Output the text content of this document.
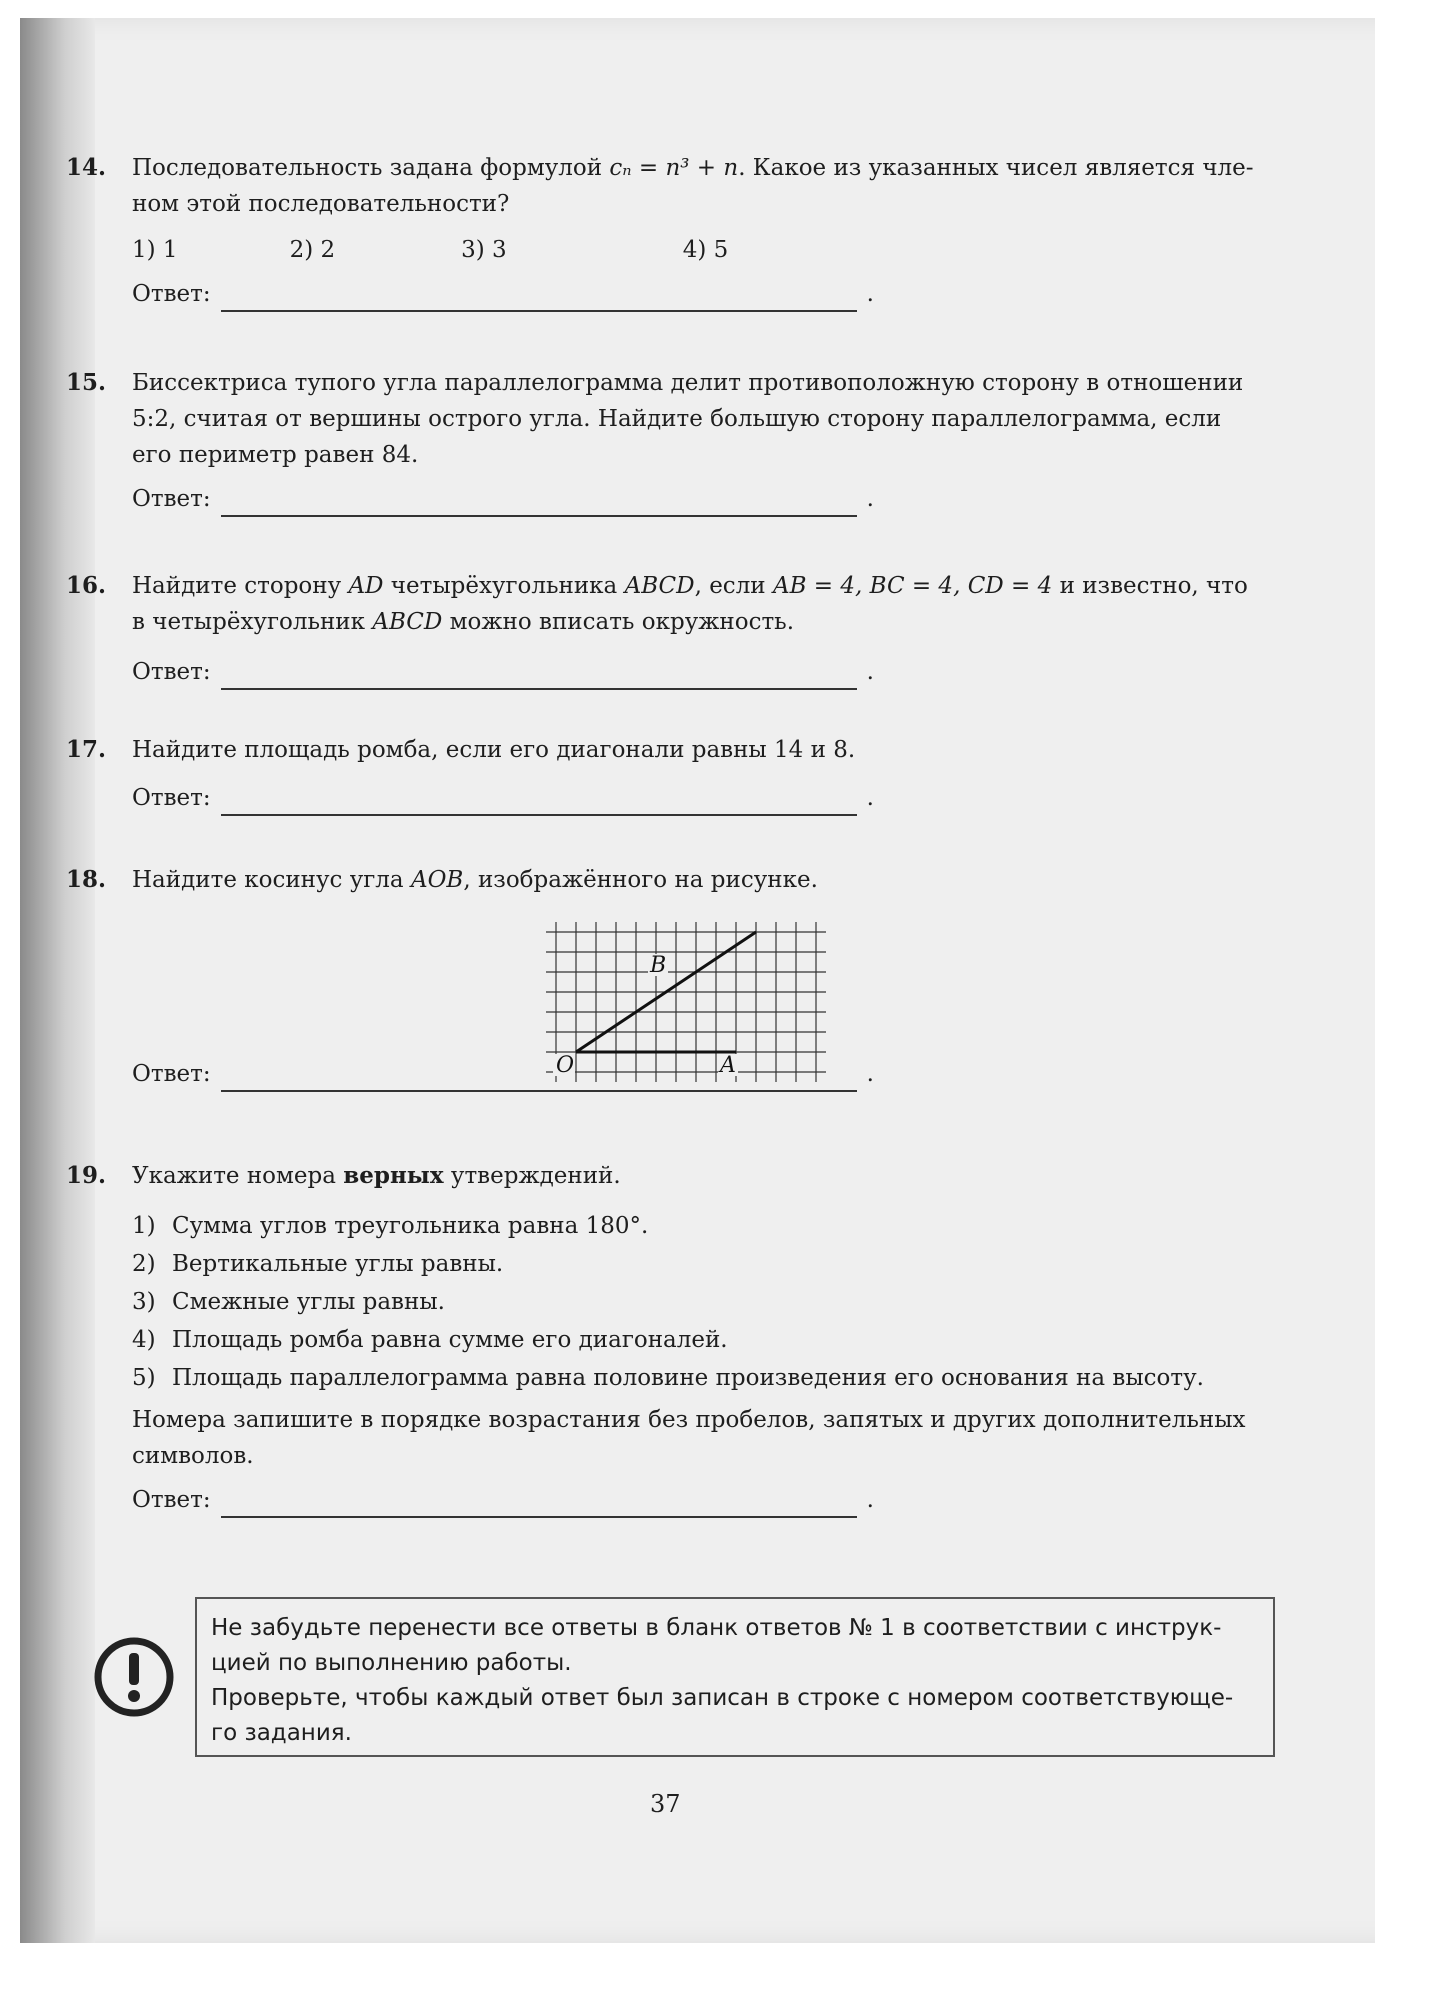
14.	Последовательность задана формулой cₙ = n³ + n. Какое из указанных чисел является чле-
ном этой последовательности?
1) 1	2) 2	3) 3	4) 5
Ответ:	.
15.	Биссектриса тупого угла параллелограмма делит противоположную сторону в отношении
5:2, считая от вершины острого угла. Найдите большую сторону параллелограмма, если
его периметр равен 84.
Ответ:	.
16.	Найдите сторону AD четырёхугольника ABCD, если AB = 4, BC = 4, CD = 4 и известно, что
в четырёхугольник ABCD можно вписать окружность.
Ответ:	.
17.	Найдите площадь ромба, если его диагонали равны 14 и 8.
Ответ:	.
18.	Найдите косинус угла AOB, изображённого на рисунке.
Ответ:	.
O	A
B
19.	Укажите номера верных утверждений.
1) Сумма углов треугольника равна 180°.
2) Вертикальные углы равны.
3) Смежные углы равны.
4) Площадь ромба равна сумме его диагоналей.
5) Площадь параллелограмма равна половине произведения его основания на высоту.
Номера запишите в порядке возрастания без пробелов, запятых и других дополнительных
символов.
Ответ:	.
Не забудьте перенести все ответы в бланк ответов № 1 в соответствии с инструк-
цией по выполнению работы.
Проверьте, чтобы каждый ответ был записан в строке с номером соответствующе-
го задания.
37
